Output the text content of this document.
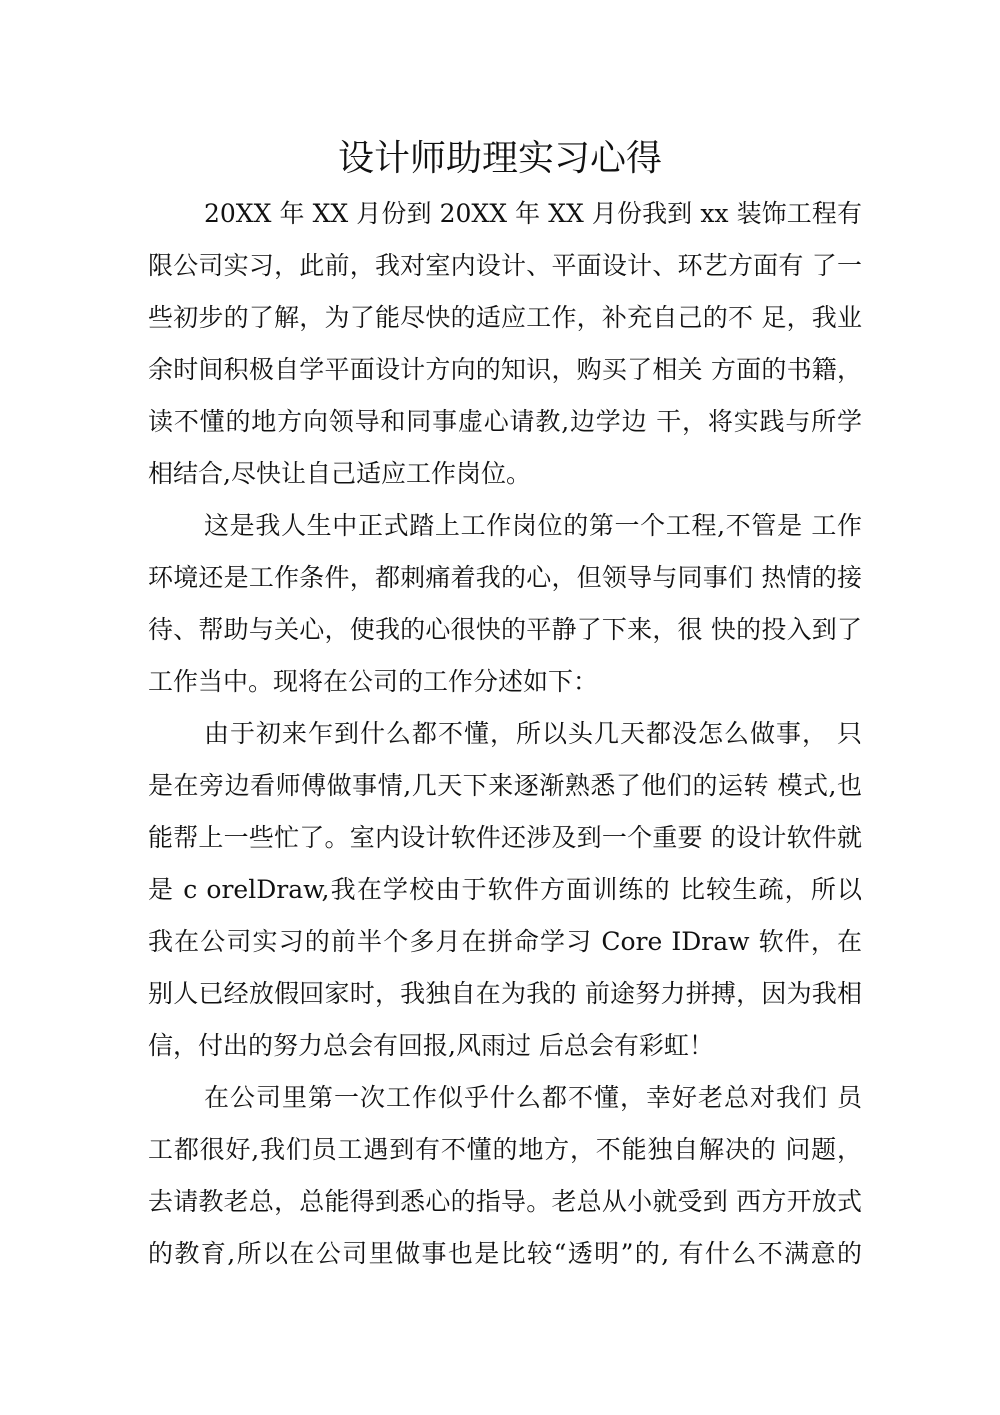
设计师助理实习心得
20XX 年 XX 月份到 20XX 年 XX 月份我到 xx 装饰工程有
限公司实习，此前，我对室内设计、平面设计、环艺方面有 了一
些初步的了解，为了能尽快的适应工作，补充自己的不 足，我业
余时间积极自学平面设计方向的知识，购买了相关 方面的书籍，
读不懂的地方向领导和同事虚心请教,边学边 干，将实践与所学
相结合,尽快让自己适应工作岗位。
这是我人生中正式踏上工作岗位的第一个工程,不管是 工作
环境还是工作条件，都刺痛着我的心，但领导与同事们 热情的接
待、帮助与关心，使我的心很快的平静了下来，很 快的投入到了
工作当中。现将在公司的工作分述如下：
由于初来乍到什么都不懂，所以头几天都没怎么做事， 只
是在旁边看师傅做事情,几天下来逐渐熟悉了他们的运转 模式,也
能帮上一些忙了。室内设计软件还涉及到一个重要 的设计软件就
是 c orelDraw,我在学校由于软件方面训练的 比较生疏，所以
我在公司实习的前半个多月在拼命学习 Core IDraw 软件，在
别人已经放假回家时，我独自在为我的 前途努力拼搏，因为我相
信，付出的努力总会有回报,风雨过 后总会有彩虹！
在公司里第一次工作似乎什么都不懂，幸好老总对我们 员
工都很好,我们员工遇到有不懂的地方，不能独自解决的 问题，
去请教老总，总能得到悉心的指导。老总从小就受到 西方开放式
的教育,所以在公司里做事也是比较“透明”的, 有什么不满意的
